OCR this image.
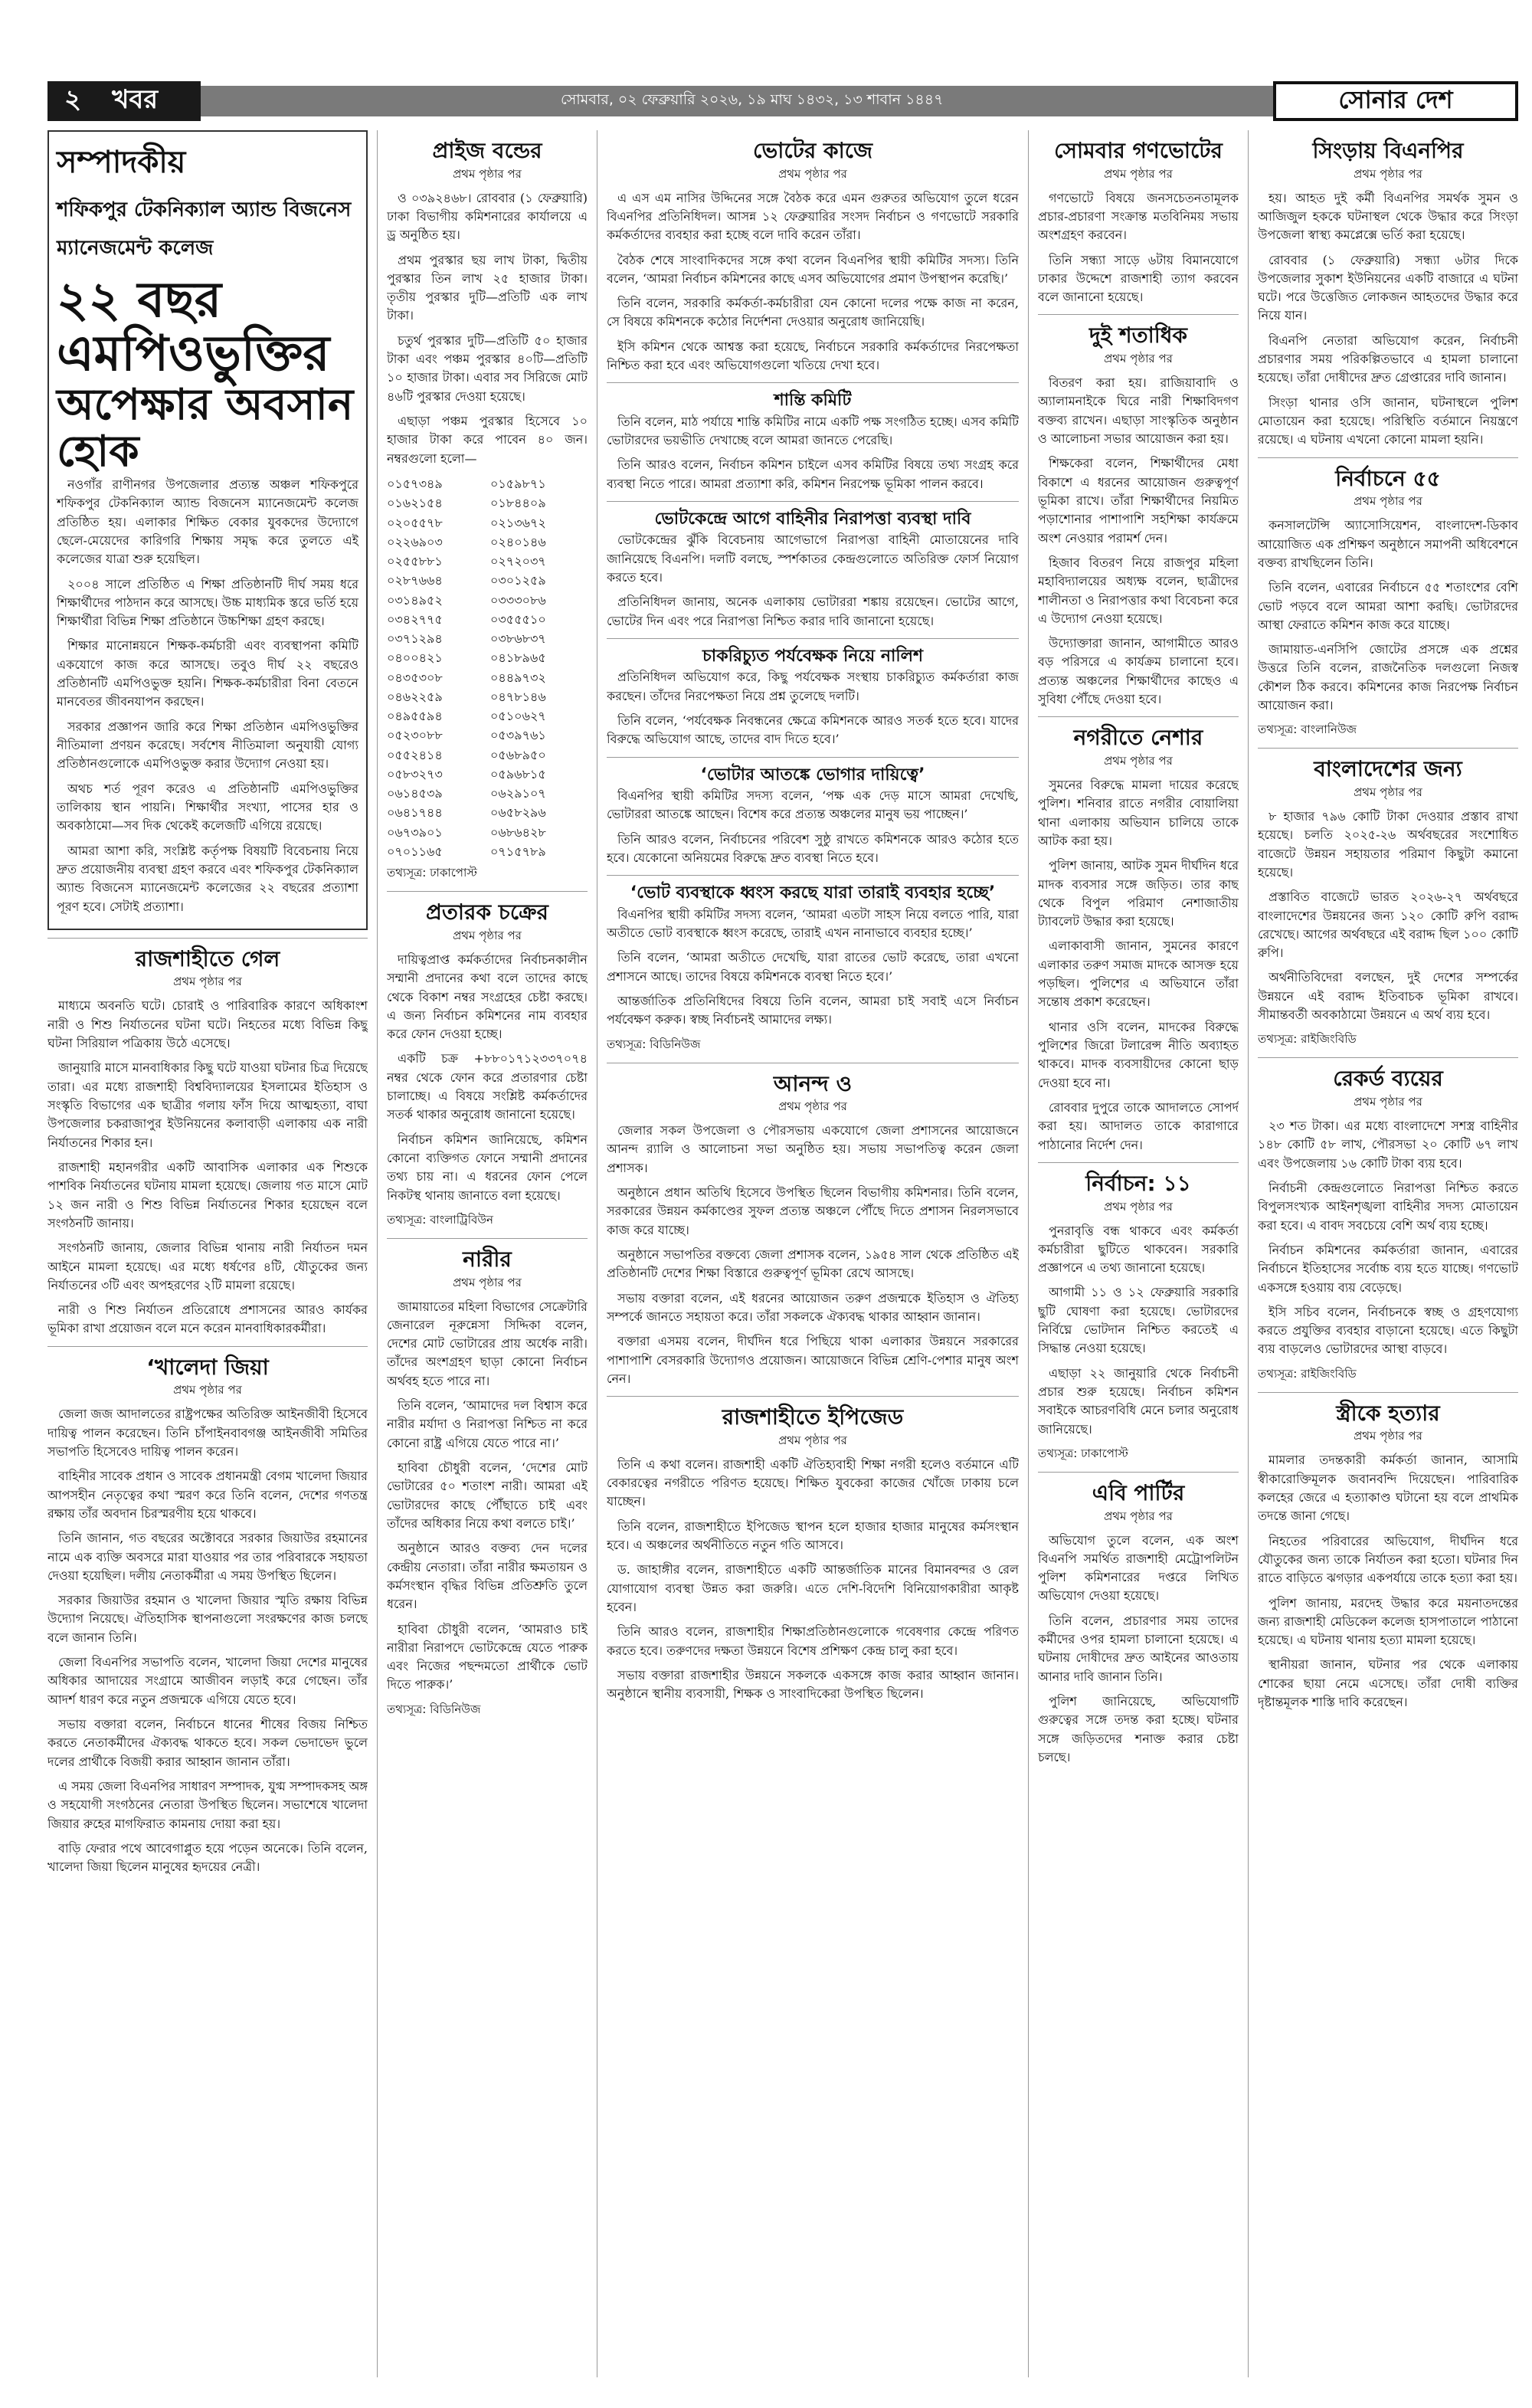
২ খবর	সোমবার, ০২ ফেব্রুয়ারি ২০২৬, ১৯ মাঘ ১৪৩২, ১৩ শাবান ১৪৪৭	সোনার দেশ
সম্পাদকীয়
শফিকপুর টেকনিক্যাল অ্যান্ড বিজনেস
ম্যানেজমেন্ট কলেজ
২২ বছর এমপিওভুক্তির
অপেক্ষার অবসান হোক

নওগাঁর রাণীনগর উপজেলার প্রত্যন্ত অঞ্চল শফিকপুরে শফিকপুর টেকনিক্যাল অ্যান্ড বিজনেস ম্যানেজমেন্ট কলেজ প্রতিষ্ঠিত হয়। এলাকার শিক্ষিত বেকার যুবকদের উদ্যোগে ছেলে-মেয়েদের কারিগরি শিক্ষায় সমৃদ্ধ করে তুলতে এই কলেজের যাত্রা শুরু হয়েছিল।

২০০৪ সালে প্রতিষ্ঠিত এ শিক্ষা প্রতিষ্ঠানটি দীর্ঘ সময় ধরে শিক্ষার্থীদের পাঠদান করে আসছে। উচ্চ মাধ্যমিক স্তরে ভর্তি হয়ে শিক্ষার্থীরা বিভিন্ন শিক্ষা প্রতিষ্ঠানে উচ্চশিক্ষা গ্রহণ করছে।

শিক্ষার মানোন্নয়নে শিক্ষক-কর্মচারী এবং ব্যবস্থাপনা কমিটি একযোগে কাজ করে আসছে। তবুও দীর্ঘ ২২ বছরেও প্রতিষ্ঠানটি এমপিওভুক্ত হয়নি। শিক্ষক-কর্মচারীরা বিনা বেতনে মানবেতর জীবনযাপন করছেন।

সরকার প্রজ্ঞাপন জারি করে শিক্ষা প্রতিষ্ঠান এমপিওভুক্তির নীতিমালা প্রণয়ন করেছে। সর্বশেষ নীতিমালা অনুযায়ী যোগ্য প্রতিষ্ঠানগুলোকে এমপিওভুক্ত করার উদ্যোগ নেওয়া হয়।

অথচ শর্ত পূরণ করেও এ প্রতিষ্ঠানটি এমপিওভুক্তির তালিকায় স্থান পায়নি। শিক্ষার্থীর সংখ্যা, পাসের হার ও অবকাঠামো—সব দিক থেকেই কলেজটি এগিয়ে রয়েছে।

আমরা আশা করি, সংশ্লিষ্ট কর্তৃপক্ষ বিষয়টি বিবেচনায় নিয়ে দ্রুত প্রয়োজনীয় ব্যবস্থা গ্রহণ করবে এবং শফিকপুর টেকনিক্যাল অ্যান্ড বিজনেস ম্যানেজমেন্ট কলেজের ২২ বছরের প্রত্যাশা পূরণ হবে। সেটাই প্রত্যাশা।

রাজশাহীতে গেল
প্রথম পৃষ্ঠার পর

মাধ্যমে অবনতি ঘটে। চোরাই ও পারিবারিক কারণে অধিকাংশ নারী ও শিশু নির্যাতনের ঘটনা ঘটে। নিহতের মধ্যে বিভিন্ন কিছু ঘটনা সিরিয়াল পত্রিকায় উঠে এসেছে।

জানুয়ারি মাসে মানবাধিকার কিছু ঘটে যাওয়া ঘটনার চিত্র দিয়েছে তারা। এর মধ্যে রাজশাহী বিশ্ববিদ্যালয়ের ইসলামের ইতিহাস ও সংস্কৃতি বিভাগের এক ছাত্রীর গলায় ফাঁস দিয়ে আত্মহত্যা, বাঘা উপজেলার চকরাজাপুর ইউনিয়নের কলাবাড়ী এলাকায় এক নারী নির্যাতনের শিকার হন।

রাজশাহী মহানগরীর একটি আবাসিক এলাকার এক শিশুকে পাশবিক নির্যাতনের ঘটনায় মামলা হয়েছে। জেলায় গত মাসে মোট ১২ জন নারী ও শিশু বিভিন্ন নির্যাতনের শিকার হয়েছেন বলে সংগঠনটি জানায়।

সংগঠনটি জানায়, জেলার বিভিন্ন থানায় নারী নির্যাতন দমন আইনে মামলা হয়েছে। এর মধ্যে ধর্ষণের ৪টি, যৌতুকের জন্য নির্যাতনের ৩টি এবং অপহরণের ২টি মামলা রয়েছে।

নারী ও শিশু নির্যাতন প্রতিরোধে প্রশাসনের আরও কার্যকর ভূমিকা রাখা প্রয়োজন বলে মনে করেন মানবাধিকারকর্মীরা।

‘খালেদা জিয়া
প্রথম পৃষ্ঠার পর

জেলা জজ আদালতের রাষ্ট্রপক্ষের অতিরিক্ত আইনজীবী হিসেবে দায়িত্ব পালন করেছেন। তিনি চাঁপাইনবাবগঞ্জ আইনজীবী সমিতির সভাপতি হিসেবেও দায়িত্ব পালন করেন।

বাহিনীর সাবেক প্রধান ও সাবেক প্রধানমন্ত্রী বেগম খালেদা জিয়ার আপসহীন নেতৃত্বের কথা স্মরণ করে তিনি বলেন, দেশের গণতন্ত্র রক্ষায় তাঁর অবদান চিরস্মরণীয় হয়ে থাকবে।

তিনি জানান, গত বছরের অক্টোবরে সরকার জিয়াউর রহমানের নামে এক ব্যক্তি অবসরে মারা যাওয়ার পর তার পরিবারকে সহায়তা দেওয়া হয়েছিল। দলীয় নেতাকর্মীরা এ সময় উপস্থিত ছিলেন।

সরকার জিয়াউর রহমান ও খালেদা জিয়ার স্মৃতি রক্ষায় বিভিন্ন উদ্যোগ নিয়েছে। ঐতিহাসিক স্থাপনাগুলো সংরক্ষণের কাজ চলছে বলে জানান তিনি।

জেলা বিএনপির সভাপতি বলেন, খালেদা জিয়া দেশের মানুষের অধিকার আদায়ের সংগ্রামে আজীবন লড়াই করে গেছেন। তাঁর আদর্শ ধারণ করে নতুন প্রজন্মকে এগিয়ে যেতে হবে।

সভায় বক্তারা বলেন, নির্বাচনে ধানের শীষের বিজয় নিশ্চিত করতে নেতাকর্মীদের ঐক্যবদ্ধ থাকতে হবে। সকল ভেদাভেদ ভুলে দলের প্রার্থীকে বিজয়ী করার আহ্বান জানান তাঁরা।

এ সময় জেলা বিএনপির সাধারণ সম্পাদক, যুগ্ম সম্পাদকসহ অঙ্গ ও সহযোগী সংগঠনের নেতারা উপস্থিত ছিলেন। সভাশেষে খালেদা জিয়ার রুহের মাগফিরাত কামনায় দোয়া করা হয়।

বাড়ি ফেরার পথে আবেগাপ্লুত হয়ে পড়েন অনেকে। তিনি বলেন, খালেদা জিয়া ছিলেন মানুষের হৃদয়ের নেত্রী।

প্রাইজ বন্ডের
প্রথম পৃষ্ঠার পর

ও ০৩৯২৪৬৮। রোববার (১ ফেব্রুয়ারি) ঢাকা বিভাগীয় কমিশনারের কার্যালয়ে এ ড্র অনুষ্ঠিত হয়।

প্রথম পুরস্কার ছয় লাখ টাকা, দ্বিতীয় পুরস্কার তিন লাখ ২৫ হাজার টাকা। তৃতীয় পুরস্কার দুটি—প্রতিটি এক লাখ টাকা।

চতুর্থ পুরস্কার দুটি—প্রতিটি ৫০ হাজার টাকা এবং পঞ্চম পুরস্কার ৪০টি—প্রতিটি ১০ হাজার টাকা। এবার সব সিরিজে মোট ৪৬টি পুরস্কার দেওয়া হয়েছে।

এছাড়া পঞ্চম পুরস্কার হিসেবে ১০ হাজার টাকা করে পাবেন ৪০ জন। নম্বরগুলো হলো—

০১৫৭৩৪৯	০১৫৯৮৭১
০১৬২১৫৪	০১৮৪৪০৯
০২০৫৫৭৮	০২১৩৬৭২
০২২৬৯০৩	০২৪০১৪৬
০২৫৫৮৮১	০২৭২০৩৭
০২৮৭৬৬৪	০৩০১২৫৯
০৩১৪৯৫২	০৩৩৩০৮৬
০৩৪২৭৭৫	০৩৫৫৫১০
০৩৭১২৯৪	০৩৮৬৮৩৭
০৪০০৪২১	০৪১৮৯৬৫
০৪৩৫৩০৮	০৪৪৯৭৩২
০৪৬২২৫৯	০৪৭৮১৪৬
০৪৯৫৫৯৪	০৫১০৬২৭
০৫২৩০৮৮	০৫৩৯৭৬১
০৫৫২৪১৪	০৫৬৮৯৫০
০৫৮৩২৭৩	০৫৯৬৮১৫
০৬১৪৫৩৯	০৬২৯১০৭
০৬৪১৭৪৪	০৬৫৮২৯৬
০৬৭৩৯০১	০৬৮৬৪২৮
০৭০১১৬৫	০৭১৫৭৮৯
তথ্যসূত্র: ঢাকাপোস্ট
প্রতারক চক্রের
প্রথম পৃষ্ঠার পর

দায়িত্বপ্রাপ্ত কর্মকর্তাদের নির্বাচনকালীন সম্মানী প্রদানের কথা বলে তাদের কাছে থেকে বিকাশ নম্বর সংগ্রহের চেষ্টা করছে। এ জন্য নির্বাচন কমিশনের নাম ব্যবহার করে ফোন দেওয়া হচ্ছে।

একটি চক্র +৮৮০১৭১২৩৩৭০৭৪ নম্বর থেকে ফোন করে প্রতারণার চেষ্টা চালাচ্ছে। এ বিষয়ে সংশ্লিষ্ট কর্মকর্তাদের সতর্ক থাকার অনুরোধ জানানো হয়েছে।

নির্বাচন কমিশন জানিয়েছে, কমিশন কোনো ব্যক্তিগত ফোনে সম্মানী প্রদানের তথ্য চায় না। এ ধরনের ফোন পেলে নিকটস্থ থানায় জানাতে বলা হয়েছে।

তথ্যসূত্র: বাংলাট্রিবিউন
নারীর
প্রথম পৃষ্ঠার পর

জামায়াতের মহিলা বিভাগের সেক্রেটারি জেনারেল নূরুন্নেসা সিদ্দিকা বলেন, দেশের মোট ভোটারের প্রায় অর্ধেক নারী। তাঁদের অংশগ্রহণ ছাড়া কোনো নির্বাচন অর্থবহ হতে পারে না।

তিনি বলেন, ‘আমাদের দল বিশ্বাস করে নারীর মর্যাদা ও নিরাপত্তা নিশ্চিত না করে কোনো রাষ্ট্র এগিয়ে যেতে পারে না।’

হাবিবা চৌধুরী বলেন, ‘দেশের মোট ভোটারের ৫০ শতাংশ নারী। আমরা এই ভোটারদের কাছে পৌঁছাতে চাই এবং তাঁদের অধিকার নিয়ে কথা বলতে চাই।’

অনুষ্ঠানে আরও বক্তব্য দেন দলের কেন্দ্রীয় নেতারা। তাঁরা নারীর ক্ষমতায়ন ও কর্মসংস্থান বৃদ্ধির বিভিন্ন প্রতিশ্রুতি তুলে ধরেন।

হাবিবা চৌধুরী বলেন, ‘আমরাও চাই নারীরা নিরাপদে ভোটকেন্দ্রে যেতে পারুক এবং নিজের পছন্দমতো প্রার্থীকে ভোট দিতে পারুক।’

তথ্যসূত্র: বিডিনিউজ
ভোটের কাজে
প্রথম পৃষ্ঠার পর

এ এস এম নাসির উদ্দিনের সঙ্গে বৈঠক করে এমন গুরুতর অভিযোগ তুলে ধরেন বিএনপির প্রতিনিধিদল। আসন্ন ১২ ফেব্রুয়ারির সংসদ নির্বাচন ও গণভোটে সরকারি কর্মকর্তাদের ব্যবহার করা হচ্ছে বলে দাবি করেন তাঁরা।

বৈঠক শেষে সাংবাদিকদের সঙ্গে কথা বলেন বিএনপির স্থায়ী কমিটির সদস্য। তিনি বলেন, ‘আমরা নির্বাচন কমিশনের কাছে এসব অভিযোগের প্রমাণ উপস্থাপন করেছি।’

তিনি বলেন, সরকারি কর্মকর্তা-কর্মচারীরা যেন কোনো দলের পক্ষে কাজ না করেন, সে বিষয়ে কমিশনকে কঠোর নির্দেশনা দেওয়ার অনুরোধ জানিয়েছি।

ইসি কমিশন থেকে আশ্বস্ত করা হয়েছে, নির্বাচনে সরকারি কর্মকর্তাদের নিরপেক্ষতা নিশ্চিত করা হবে এবং অভিযোগগুলো খতিয়ে দেখা হবে।

শান্তি কমিটি

তিনি বলেন, মাঠ পর্যায়ে শান্তি কমিটির নামে একটি পক্ষ সংগঠিত হচ্ছে। এসব কমিটি ভোটারদের ভয়ভীতি দেখাচ্ছে বলে আমরা জানতে পেরেছি।

তিনি আরও বলেন, নির্বাচন কমিশন চাইলে এসব কমিটির বিষয়ে তথ্য সংগ্রহ করে ব্যবস্থা নিতে পারে। আমরা প্রত্যাশা করি, কমিশন নিরপেক্ষ ভূমিকা পালন করবে।

ভোটকেন্দ্রে আগে বাহিনীর নিরাপত্তা ব্যবস্থা দাবি

ভোটকেন্দ্রের ঝুঁকি বিবেচনায় আগেভাগে নিরাপত্তা বাহিনী মোতায়েনের দাবি জানিয়েছে বিএনপি। দলটি বলছে, স্পর্শকাতর কেন্দ্রগুলোতে অতিরিক্ত ফোর্স নিয়োগ করতে হবে।

প্রতিনিধিদল জানায়, অনেক এলাকায় ভোটাররা শঙ্কায় রয়েছেন। ভোটের আগে, ভোটের দিন এবং পরে নিরাপত্তা নিশ্চিত করার দাবি জানানো হয়েছে।

চাকরিচ্যুত পর্যবেক্ষক নিয়ে নালিশ

প্রতিনিধিদল অভিযোগ করে, কিছু পর্যবেক্ষক সংস্থায় চাকরিচ্যুত কর্মকর্তারা কাজ করছেন। তাঁদের নিরপেক্ষতা নিয়ে প্রশ্ন তুলেছে দলটি।

তিনি বলেন, ‘পর্যবেক্ষক নিবন্ধনের ক্ষেত্রে কমিশনকে আরও সতর্ক হতে হবে। যাদের বিরুদ্ধে অভিযোগ আছে, তাদের বাদ দিতে হবে।’

‘ভোটার আতঙ্কে ভোগার দায়িত্বে’

বিএনপির স্থায়ী কমিটির সদস্য বলেন, ‘পক্ষ এক দেড় মাসে আমরা দেখেছি, ভোটাররা আতঙ্কে আছেন। বিশেষ করে প্রত্যন্ত অঞ্চলের মানুষ ভয় পাচ্ছেন।’

তিনি আরও বলেন, নির্বাচনের পরিবেশ সুষ্ঠু রাখতে কমিশনকে আরও কঠোর হতে হবে। যেকোনো অনিয়মের বিরুদ্ধে দ্রুত ব্যবস্থা নিতে হবে।

‘ভোট ব্যবস্থাকে ধ্বংস করছে যারা তারাই ব্যবহার হচ্ছে’

বিএনপির স্থায়ী কমিটির সদস্য বলেন, ‘আমরা এতটা সাহস নিয়ে বলতে পারি, যারা অতীতে ভোট ব্যবস্থাকে ধ্বংস করেছে, তারাই এখন নানাভাবে ব্যবহার হচ্ছে।’

তিনি বলেন, ‘আমরা অতীতে দেখেছি, যারা রাতের ভোট করেছে, তারা এখনো প্রশাসনে আছে। তাদের বিষয়ে কমিশনকে ব্যবস্থা নিতে হবে।’

আন্তর্জাতিক প্রতিনিধিদের বিষয়ে তিনি বলেন, আমরা চাই সবাই এসে নির্বাচন পর্যবেক্ষণ করুক। স্বচ্ছ নির্বাচনই আমাদের লক্ষ্য।

তথ্যসূত্র: বিডিনিউজ
আনন্দ ও
প্রথম পৃষ্ঠার পর

জেলার সকল উপজেলা ও পৌরসভায় একযোগে জেলা প্রশাসনের আয়োজনে আনন্দ র‍্যালি ও আলোচনা সভা অনুষ্ঠিত হয়। সভায় সভাপতিত্ব করেন জেলা প্রশাসক।

অনুষ্ঠানে প্রধান অতিথি হিসেবে উপস্থিত ছিলেন বিভাগীয় কমিশনার। তিনি বলেন, সরকারের উন্নয়ন কর্মকাণ্ডের সুফল প্রত্যন্ত অঞ্চলে পৌঁছে দিতে প্রশাসন নিরলসভাবে কাজ করে যাচ্ছে।

অনুষ্ঠানে সভাপতির বক্তব্যে জেলা প্রশাসক বলেন, ১৯৫৪ সাল থেকে প্রতিষ্ঠিত এই প্রতিষ্ঠানটি দেশের শিক্ষা বিস্তারে গুরুত্বপূর্ণ ভূমিকা রেখে আসছে।

সভায় বক্তারা বলেন, এই ধরনের আয়োজন তরুণ প্রজন্মকে ইতিহাস ও ঐতিহ্য সম্পর্কে জানতে সহায়তা করে। তাঁরা সকলকে ঐক্যবদ্ধ থাকার আহ্বান জানান।

বক্তারা এসময় বলেন, দীর্ঘদিন ধরে পিছিয়ে থাকা এলাকার উন্নয়নে সরকারের পাশাপাশি বেসরকারি উদ্যোগও প্রয়োজন। আয়োজনে বিভিন্ন শ্রেণি-পেশার মানুষ অংশ নেন।

রাজশাহীতে ইপিজেড
প্রথম পৃষ্ঠার পর

তিনি এ কথা বলেন। রাজশাহী একটি ঐতিহ্যবাহী শিক্ষা নগরী হলেও বর্তমানে এটি বেকারত্বের নগরীতে পরিণত হয়েছে। শিক্ষিত যুবকেরা কাজের খোঁজে ঢাকায় চলে যাচ্ছেন।

তিনি বলেন, রাজশাহীতে ইপিজেড স্থাপন হলে হাজার হাজার মানুষের কর্মসংস্থান হবে। এ অঞ্চলের অর্থনীতিতে নতুন গতি আসবে।

ড. জাহাঙ্গীর বলেন, রাজশাহীতে একটি আন্তর্জাতিক মানের বিমানবন্দর ও রেল যোগাযোগ ব্যবস্থা উন্নত করা জরুরি। এতে দেশি-বিদেশি বিনিয়োগকারীরা আকৃষ্ট হবেন।

তিনি আরও বলেন, রাজশাহীর শিক্ষাপ্রতিষ্ঠানগুলোকে গবেষণার কেন্দ্রে পরিণত করতে হবে। তরুণদের দক্ষতা উন্নয়নে বিশেষ প্রশিক্ষণ কেন্দ্র চালু করা হবে।

সভায় বক্তারা রাজশাহীর উন্নয়নে সকলকে একসঙ্গে কাজ করার আহ্বান জানান। অনুষ্ঠানে স্থানীয় ব্যবসায়ী, শিক্ষক ও সাংবাদিকেরা উপস্থিত ছিলেন।

সোমবার গণভোটের
প্রথম পৃষ্ঠার পর

গণভোটে বিষয়ে জনসচেতনতামূলক প্রচার-প্রচারণা সংক্রান্ত মতবিনিময় সভায় অংশগ্রহণ করবেন।

তিনি সন্ধ্যা সাড়ে ৬টায় বিমানযোগে ঢাকার উদ্দেশে রাজশাহী ত্যাগ করবেন বলে জানানো হয়েছে।

দুই শতাধিক
প্রথম পৃষ্ঠার পর

বিতরণ করা হয়। রাজিয়াবাদি ও অ্যালামনাইকে ঘিরে নারী শিক্ষাবিদগণ বক্তব্য রাখেন। এছাড়া সাংস্কৃতিক অনুষ্ঠান ও আলোচনা সভার আয়োজন করা হয়।

শিক্ষকেরা বলেন, শিক্ষার্থীদের মেধা বিকাশে এ ধরনের আয়োজন গুরুত্বপূর্ণ ভূমিকা রাখে। তাঁরা শিক্ষার্থীদের নিয়মিত পড়াশোনার পাশাপাশি সহশিক্ষা কার্যক্রমে অংশ নেওয়ার পরামর্শ দেন।

হিজাব বিতরণ নিয়ে রাজপুর মহিলা মহাবিদ্যালয়ের অধ্যক্ষ বলেন, ছাত্রীদের শালীনতা ও নিরাপত্তার কথা বিবেচনা করে এ উদ্যোগ নেওয়া হয়েছে।

উদ্যোক্তারা জানান, আগামীতে আরও বড় পরিসরে এ কার্যক্রম চালানো হবে। প্রত্যন্ত অঞ্চলের শিক্ষার্থীদের কাছেও এ সুবিধা পৌঁছে দেওয়া হবে।

নগরীতে নেশার
প্রথম পৃষ্ঠার পর

সুমনের বিরুদ্ধে মামলা দায়ের করেছে পুলিশ। শনিবার রাতে নগরীর বোয়ালিয়া থানা এলাকায় অভিযান চালিয়ে তাকে আটক করা হয়।

পুলিশ জানায়, আটক সুমন দীর্ঘদিন ধরে মাদক ব্যবসার সঙ্গে জড়িত। তার কাছ থেকে বিপুল পরিমাণ নেশাজাতীয় ট্যাবলেট উদ্ধার করা হয়েছে।

এলাকাবাসী জানান, সুমনের কারণে এলাকার তরুণ সমাজ মাদকে আসক্ত হয়ে পড়ছিল। পুলিশের এ অভিযানে তাঁরা সন্তোষ প্রকাশ করেছেন।

থানার ওসি বলেন, মাদকের বিরুদ্ধে পুলিশের জিরো টলারেন্স নীতি অব্যাহত থাকবে। মাদক ব্যবসায়ীদের কোনো ছাড় দেওয়া হবে না।

রোববার দুপুরে তাকে আদালতে সোপর্দ করা হয়। আদালত তাকে কারাগারে পাঠানোর নির্দেশ দেন।

নির্বাচন: ১১
প্রথম পৃষ্ঠার পর

পুনরাবৃত্তি বন্ধ থাকবে এবং কর্মকর্তা কর্মচারীরা ছুটিতে থাকবেন। সরকারি প্রজ্ঞাপনে এ তথ্য জানানো হয়েছে।

আগামী ১১ ও ১২ ফেব্রুয়ারি সরকারি ছুটি ঘোষণা করা হয়েছে। ভোটারদের নির্বিঘ্নে ভোটদান নিশ্চিত করতেই এ সিদ্ধান্ত নেওয়া হয়েছে।

এছাড়া ২২ জানুয়ারি থেকে নির্বাচনী প্রচার শুরু হয়েছে। নির্বাচন কমিশন সবাইকে আচরণবিধি মেনে চলার অনুরোধ জানিয়েছে।

তথ্যসূত্র: ঢাকাপোস্ট
এবি পার্টির
প্রথম পৃষ্ঠার পর

অভিযোগ তুলে বলেন, এক অংশ বিএনপি সমর্থিত রাজশাহী মেট্রোপলিটন পুলিশ কমিশনারের দপ্তরে লিখিত অভিযোগ দেওয়া হয়েছে।

তিনি বলেন, প্রচারণার সময় তাদের কর্মীদের ওপর হামলা চালানো হয়েছে। এ ঘটনায় দোষীদের দ্রুত আইনের আওতায় আনার দাবি জানান তিনি।

পুলিশ জানিয়েছে, অভিযোগটি গুরুত্বের সঙ্গে তদন্ত করা হচ্ছে। ঘটনার সঙ্গে জড়িতদের শনাক্ত করার চেষ্টা চলছে।

সিংড়ায় বিএনপির
প্রথম পৃষ্ঠার পর

হয়। আহত দুই কর্মী বিএনপির সমর্থক সুমন ও আজিজুল হককে ঘটনাস্থল থেকে উদ্ধার করে সিংড়া উপজেলা স্বাস্থ্য কমপ্লেক্সে ভর্তি করা হয়েছে।

রোববার (১ ফেব্রুয়ারি) সন্ধ্যা ৬টার দিকে উপজেলার সুকাশ ইউনিয়নের একটি বাজারে এ ঘটনা ঘটে। পরে উত্তেজিত লোকজন আহতদের উদ্ধার করে নিয়ে যান।

বিএনপি নেতারা অভিযোগ করেন, নির্বাচনী প্রচারণার সময় পরিকল্পিতভাবে এ হামলা চালানো হয়েছে। তাঁরা দোষীদের দ্রুত গ্রেপ্তারের দাবি জানান।

সিংড়া থানার ওসি জানান, ঘটনাস্থলে পুলিশ মোতায়েন করা হয়েছে। পরিস্থিতি বর্তমানে নিয়ন্ত্রণে রয়েছে। এ ঘটনায় এখনো কোনো মামলা হয়নি।

নির্বাচনে ৫৫
প্রথম পৃষ্ঠার পর

কনসালটেন্সি অ্যাসোসিয়েশন, বাংলাদেশ-ডিকাব আয়োজিত এক প্রশিক্ষণ অনুষ্ঠানে সমাপনী অধিবেশনে বক্তব্য রাখছিলেন তিনি।

তিনি বলেন, এবারের নির্বাচনে ৫৫ শতাংশের বেশি ভোট পড়বে বলে আমরা আশা করছি। ভোটারদের আস্থা ফেরাতে কমিশন কাজ করে যাচ্ছে।

জামায়াত-এনসিপি জোটের প্রসঙ্গে এক প্রশ্নের উত্তরে তিনি বলেন, রাজনৈতিক দলগুলো নিজস্ব কৌশল ঠিক করবে। কমিশনের কাজ নিরপেক্ষ নির্বাচন আয়োজন করা।

তথ্যসূত্র: বাংলানিউজ
বাংলাদেশের জন্য
প্রথম পৃষ্ঠার পর

৮ হাজার ৭৯৬ কোটি টাকা দেওয়ার প্রস্তাব রাখা হয়েছে। চলতি ২০২৫-২৬ অর্থবছরের সংশোধিত বাজেটে উন্নয়ন সহায়তার পরিমাণ কিছুটা কমানো হয়েছে।

প্রস্তাবিত বাজেটে ভারত ২০২৬-২৭ অর্থবছরে বাংলাদেশের উন্নয়নের জন্য ১২০ কোটি রুপি বরাদ্দ রেখেছে। আগের অর্থবছরে এই বরাদ্দ ছিল ১০০ কোটি রুপি।

অর্থনীতিবিদেরা বলছেন, দুই দেশের সম্পর্কের উন্নয়নে এই বরাদ্দ ইতিবাচক ভূমিকা রাখবে। সীমান্তবর্তী অবকাঠামো উন্নয়নে এ অর্থ ব্যয় হবে।

তথ্যসূত্র: রাইজিংবিডি
রেকর্ড ব্যয়ের
প্রথম পৃষ্ঠার পর

২৩ শত টাকা। এর মধ্যে বাংলাদেশে সশস্ত্র বাহিনীর ১৪৮ কোটি ৫৮ লাখ, পৌরসভা ২০ কোটি ৬৭ লাখ এবং উপজেলায় ১৬ কোটি টাকা ব্যয় হবে।

নির্বাচনী কেন্দ্রগুলোতে নিরাপত্তা নিশ্চিত করতে বিপুলসংখ্যক আইনশৃঙ্খলা বাহিনীর সদস্য মোতায়েন করা হবে। এ বাবদ সবচেয়ে বেশি অর্থ ব্যয় হচ্ছে।

নির্বাচন কমিশনের কর্মকর্তারা জানান, এবারের নির্বাচনে ইতিহাসের সর্বোচ্চ ব্যয় হতে যাচ্ছে। গণভোট একসঙ্গে হওয়ায় ব্যয় বেড়েছে।

ইসি সচিব বলেন, নির্বাচনকে স্বচ্ছ ও গ্রহণযোগ্য করতে প্রযুক্তির ব্যবহার বাড়ানো হয়েছে। এতে কিছুটা ব্যয় বাড়লেও ভোটারদের আস্থা বাড়বে।

তথ্যসূত্র: রাইজিংবিডি
স্ত্রীকে হত্যার
প্রথম পৃষ্ঠার পর

মামলার তদন্তকারী কর্মকর্তা জানান, আসামি স্বীকারোক্তিমূলক জবানবন্দি দিয়েছেন। পারিবারিক কলহের জেরে এ হত্যাকাণ্ড ঘটানো হয় বলে প্রাথমিক তদন্তে জানা গেছে।

নিহতের পরিবারের অভিযোগ, দীর্ঘদিন ধরে যৌতুকের জন্য তাকে নির্যাতন করা হতো। ঘটনার দিন রাতে বাড়িতে ঝগড়ার একপর্যায়ে তাকে হত্যা করা হয়।

পুলিশ জানায়, মরদেহ উদ্ধার করে ময়নাতদন্তের জন্য রাজশাহী মেডিকেল কলেজ হাসপাতালে পাঠানো হয়েছে। এ ঘটনায় থানায় হত্যা মামলা হয়েছে।

স্থানীয়রা জানান, ঘটনার পর থেকে এলাকায় শোকের ছায়া নেমে এসেছে। তাঁরা দোষী ব্যক্তির দৃষ্টান্তমূলক শাস্তি দাবি করেছেন।
